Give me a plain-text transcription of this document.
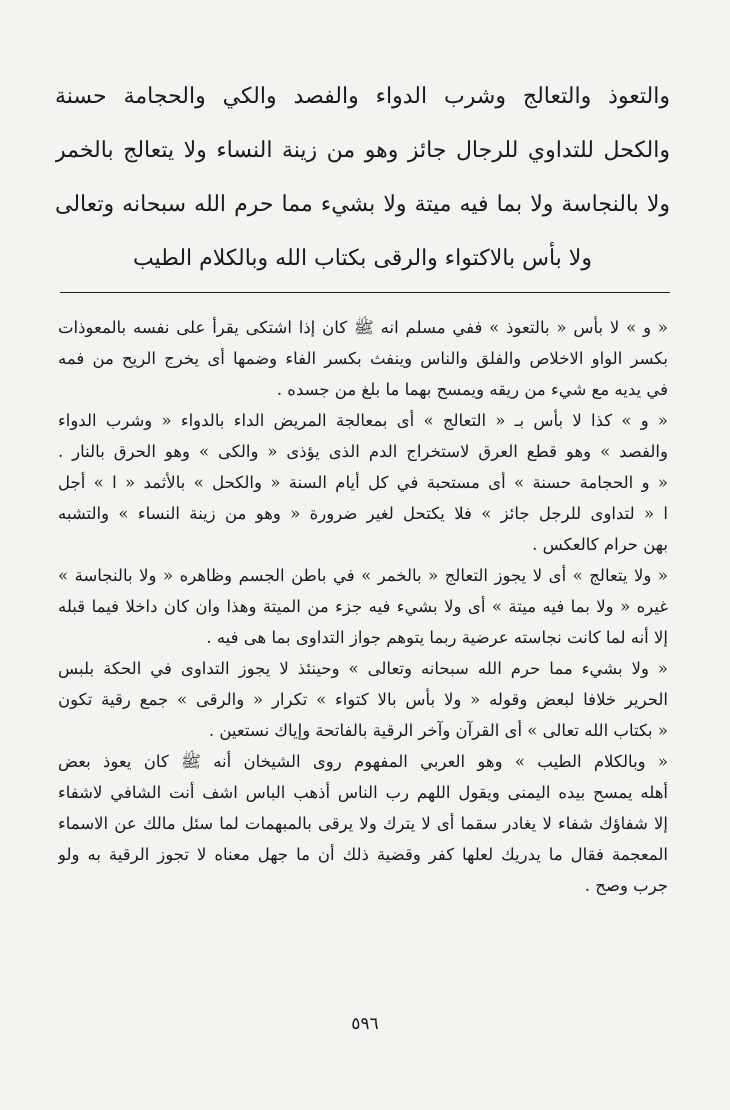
والتعوذ والتعالج وشرب الدواء والفصد والكي والحجامة حسنة
والكحل للتداوي للرجال جائز وهو من زينة النساء ولا يتعالج بالخمر
ولا بالنجاسة ولا بما فيه ميتة ولا بشيء مما حرم الله سبحانه وتعالى
ولا بأس بالاكتواء والرقى بكتاب الله وبالكلام الطيب
« و » لا بأس « بالتعوذ » ففي مسلم انه ﷺ كان إذا اشتكى يقرأ على نفسه بالمعوذات
بكسر الواو الاخلاص والفلق والناس وينفث بكسر الفاء وضمها أى يخرج الريح من فمه
في يديه مع شيء من ريقه ويمسح بهما ما بلغ من جسده .
« و » كذا لا بأس بـ « التعالج » أى بمعالجة المريض الداء بالدواء « وشرب الدواء
والفصد » وهو قطع العرق لاستخراج الدم الذى يؤذى « والكى » وهو الحرق بالنار .
« و الحجامة حسنة » أى مستحبة في كل أيام السنة « والكحل » بالأثمد « ا » أجل
ا « لتداوى للرجل جائز » فلا يكتحل لغير ضرورة « وهو من زينة النساء » والتشبه
بهن حرام كالعكس .
« ولا يتعالج » أى لا يجوز التعالج « بالخمر » في باطن الجسم وظاهره « ولا بالنجاسة »
غيره « ولا بما فيه ميتة » أى ولا بشيء فيه جزء من الميتة وهذا وان كان داخلا فيما قبله
إلا أنه لما كانت نجاسته عرضية ربما يتوهم جواز التداوى بما هى فيه .
« ولا بشيء مما حرم الله سبحانه وتعالى » وحينئذ لا يجوز التداوى في الحكة بلبس
الحرير خلافا لبعض وقوله « ولا بأس بالا كتواء » تكرار « والرقى » جمع رقية تكون
« بكتاب الله تعالى » أى القرآن وآخر الرقية بالفاتحة وإياك نستعين .
« وبالكلام الطيب » وهو العربي المفهوم روى الشيخان أنه ﷺ كان يعوذ بعض
أهله يمسح بيده اليمنى ويقول اللهم رب الناس أذهب الباس اشف أنت الشافي لاشفاء
إلا شفاؤك شفاء لا يغادر سقما أى لا يترك ولا يرقى بالمبهمات لما سئل مالك عن الاسماء
المعجمة فقال ما يدريك لعلها كفر وقضية ذلك أن ما جهل معناه لا تجوز الرقية به ولو
جرب وصح .
٥٩٦
